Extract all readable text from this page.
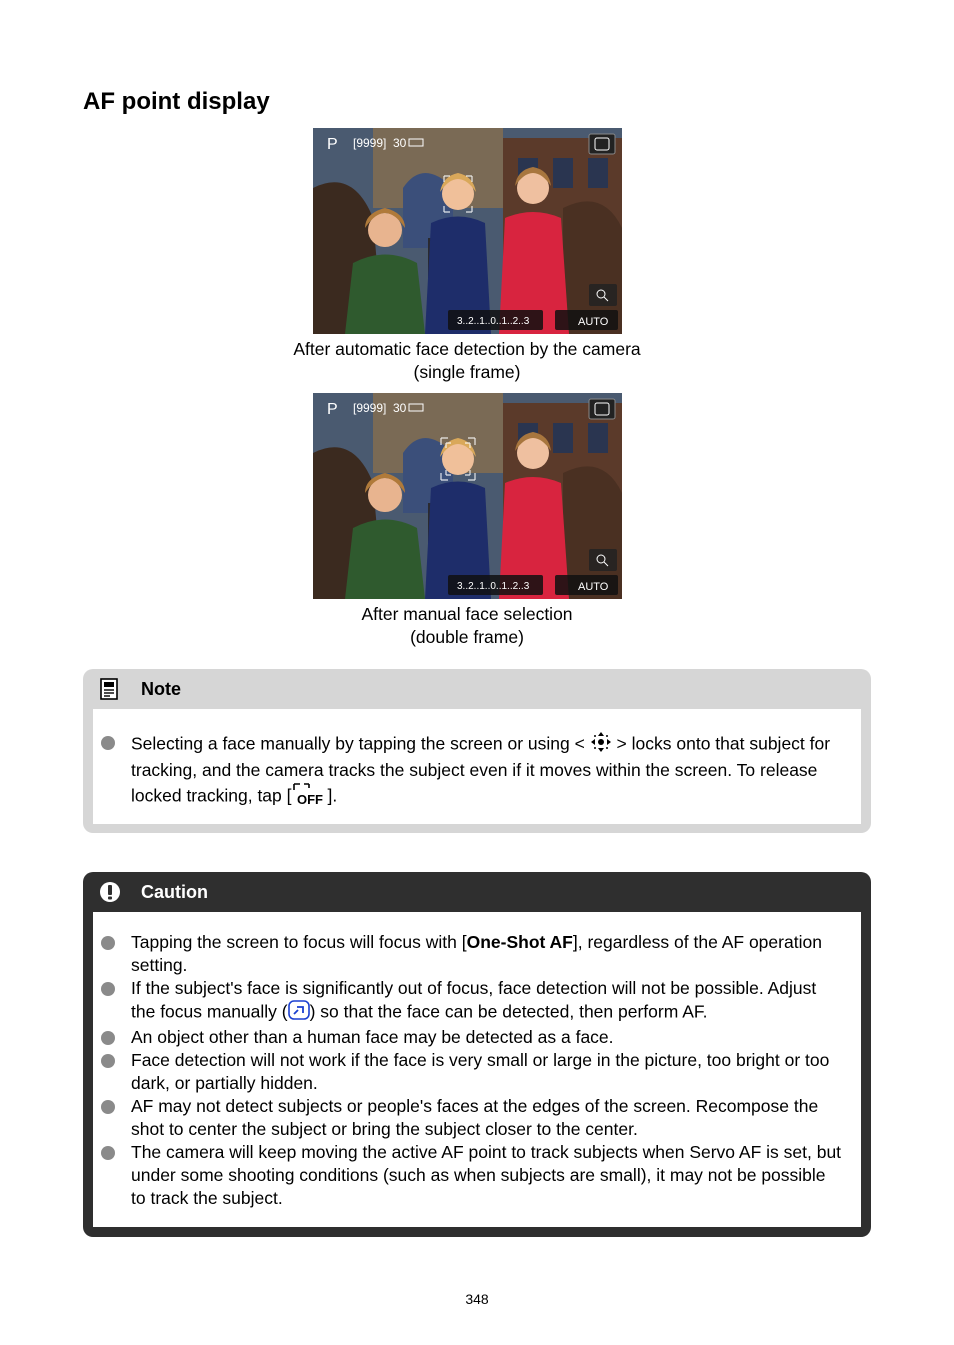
AF point display
P [9999] 30
3..2..1..0..1..2..3	AUTO
After automatic face detection by the camera
(single frame)
P [9999] 30
3..2..1..0..1..2..3	AUTO
After manual face selection
(double frame)
Note
Selecting a face manually by tapping the screen or using <  > locks onto that subject for tracking, and the camera tracks the subject even if it moves within the screen. To release locked tracking, tap [ OFF ].
Caution
Tapping the screen to focus will focus with [One-Shot AF], regardless of the AF operation setting.
If the subject's face is significantly out of focus, face detection will not be possible. Adjust the focus manually ( ) so that the face can be detected, then perform AF.
An object other than a human face may be detected as a face.
Face detection will not work if the face is very small or large in the picture, too bright or too dark, or partially hidden.
AF may not detect subjects or people's faces at the edges of the screen. Recompose the shot to center the subject or bring the subject closer to the center.
The camera will keep moving the active AF point to track subjects when Servo AF is set, but under some shooting conditions (such as when subjects are small), it may not be possible to track the subject.
348
